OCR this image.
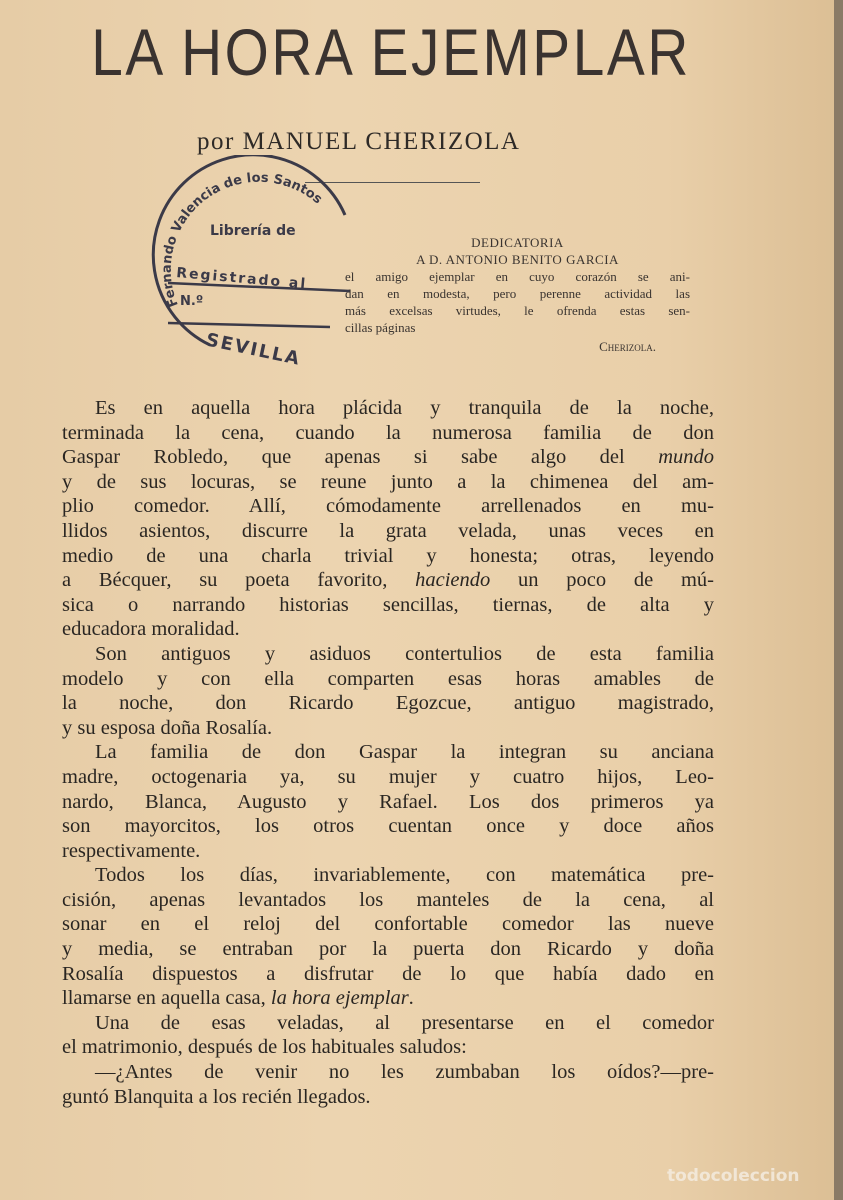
LA HORA EJEMPLAR
por MANUEL CHERIZOLA
Fernando Valencia de los Santos
Librería de
Registrado al
N.º
SEVILLA
DEDICATORIA
A D. ANTONIO BENITO GARCIA
el amigo ejemplar en cuyo corazón se ani-
dan en modesta, pero perenne actividad las
más excelsas virtudes, le ofrenda estas sen-
cillas páginas
Cherizola.
Es en aquella hora plácida y tranquila de la noche,
terminada la cena, cuando la numerosa familia de don
Gaspar Robledo, que apenas si sabe algo del mundo
y de sus locuras, se reune junto a la chimenea del am-
plio comedor. Allí, cómodamente arrellenados en mu-
llidos asientos, discurre la grata velada, unas veces en
medio de una charla trivial y honesta; otras, leyendo
a Bécquer, su poeta favorito, haciendo un poco de mú-
sica o narrando historias sencillas, tiernas, de alta y
educadora moralidad.
Son antiguos y asiduos contertulios de esta familia
modelo y con ella comparten esas horas amables de
la noche, don Ricardo Egozcue, antiguo magistrado,
y su esposa doña Rosalía.
La familia de don Gaspar la integran su anciana
madre, octogenaria ya, su mujer y cuatro hijos, Leo-
nardo, Blanca, Augusto y Rafael. Los dos primeros ya
son mayorcitos, los otros cuentan once y doce años
respectivamente.
Todos los días, invariablemente, con matemática pre-
cisión, apenas levantados los manteles de la cena, al
sonar en el reloj del confortable comedor las nueve
y media, se entraban por la puerta don Ricardo y doña
Rosalía dispuestos a disfrutar de lo que había dado en
llamarse en aquella casa, la hora ejemplar.
Una de esas veladas, al presentarse en el comedor
el matrimonio, después de los habituales saludos:
—¿Antes de venir no les zumbaban los oídos?—pre-
guntó Blanquita a los recién llegados.
todocoleccion
